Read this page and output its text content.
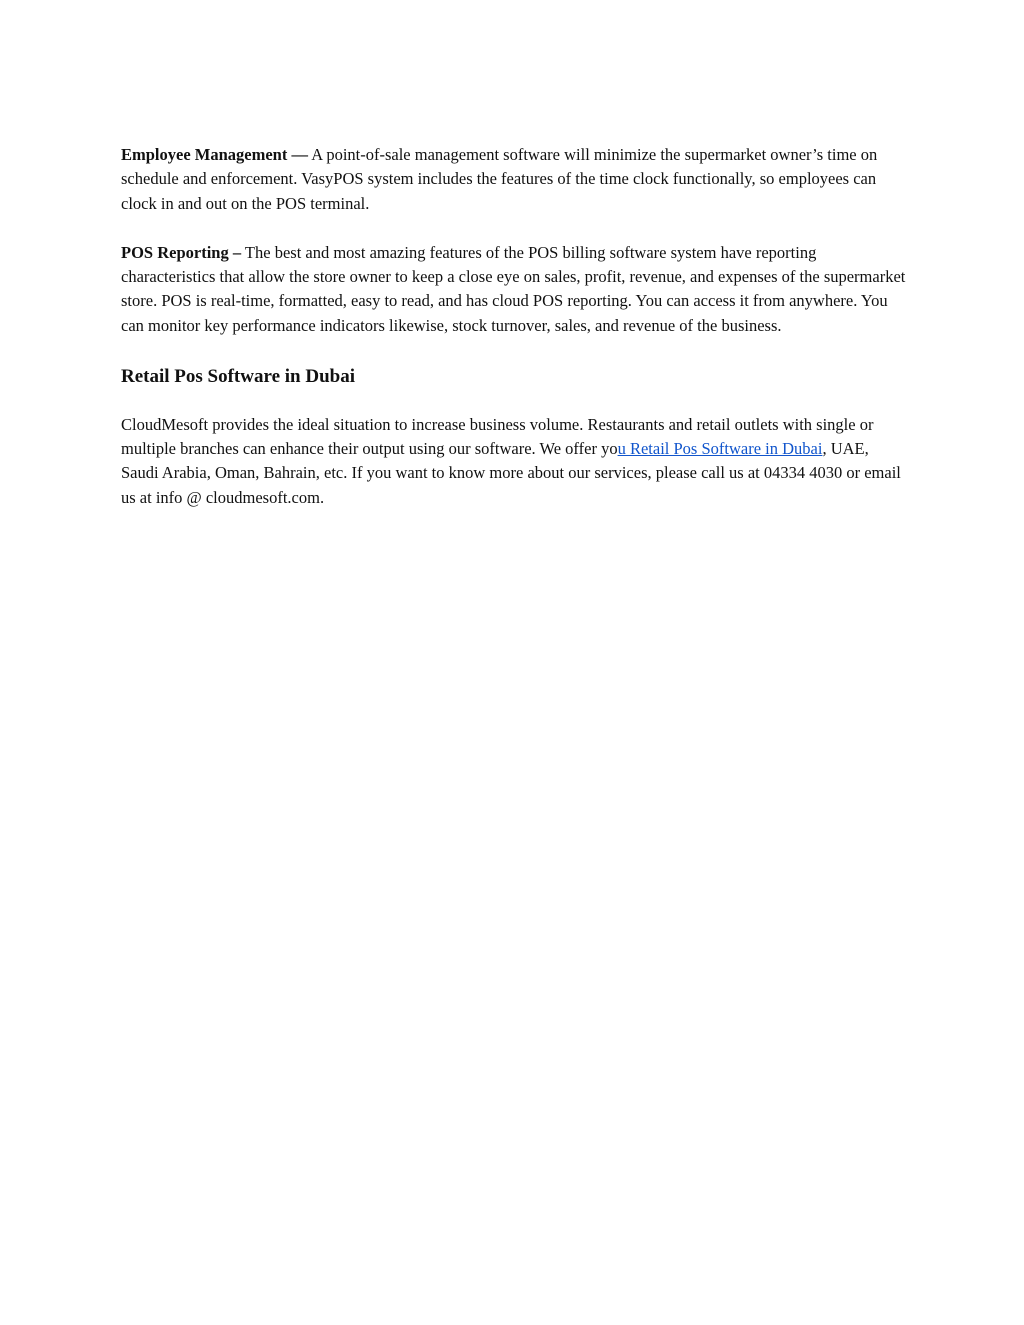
Employee Management — A point-of-sale management software will minimize the supermarket owner’s time on schedule and enforcement. VasyPOS system includes the features of the time clock functionally, so employees can clock in and out on the POS terminal.

POS Reporting – The best and most amazing features of the POS billing software system have reporting characteristics that allow the store owner to keep a close eye on sales, profit, revenue, and expenses of the supermarket store. POS is real-time, formatted, easy to read, and has cloud POS reporting. You can access it from anywhere. You can monitor key performance indicators likewise, stock turnover, sales, and revenue of the business.

Retail Pos Software in Dubai

CloudMesoft provides the ideal situation to increase business volume. Restaurants and retail outlets with single or multiple branches can enhance their output using our software. We offer you Retail Pos Software in Dubai, UAE, Saudi Arabia, Oman, Bahrain, etc. If you want to know more about our services, please call us at 04334 4030 or email us at info @ cloudmesoft.com.
